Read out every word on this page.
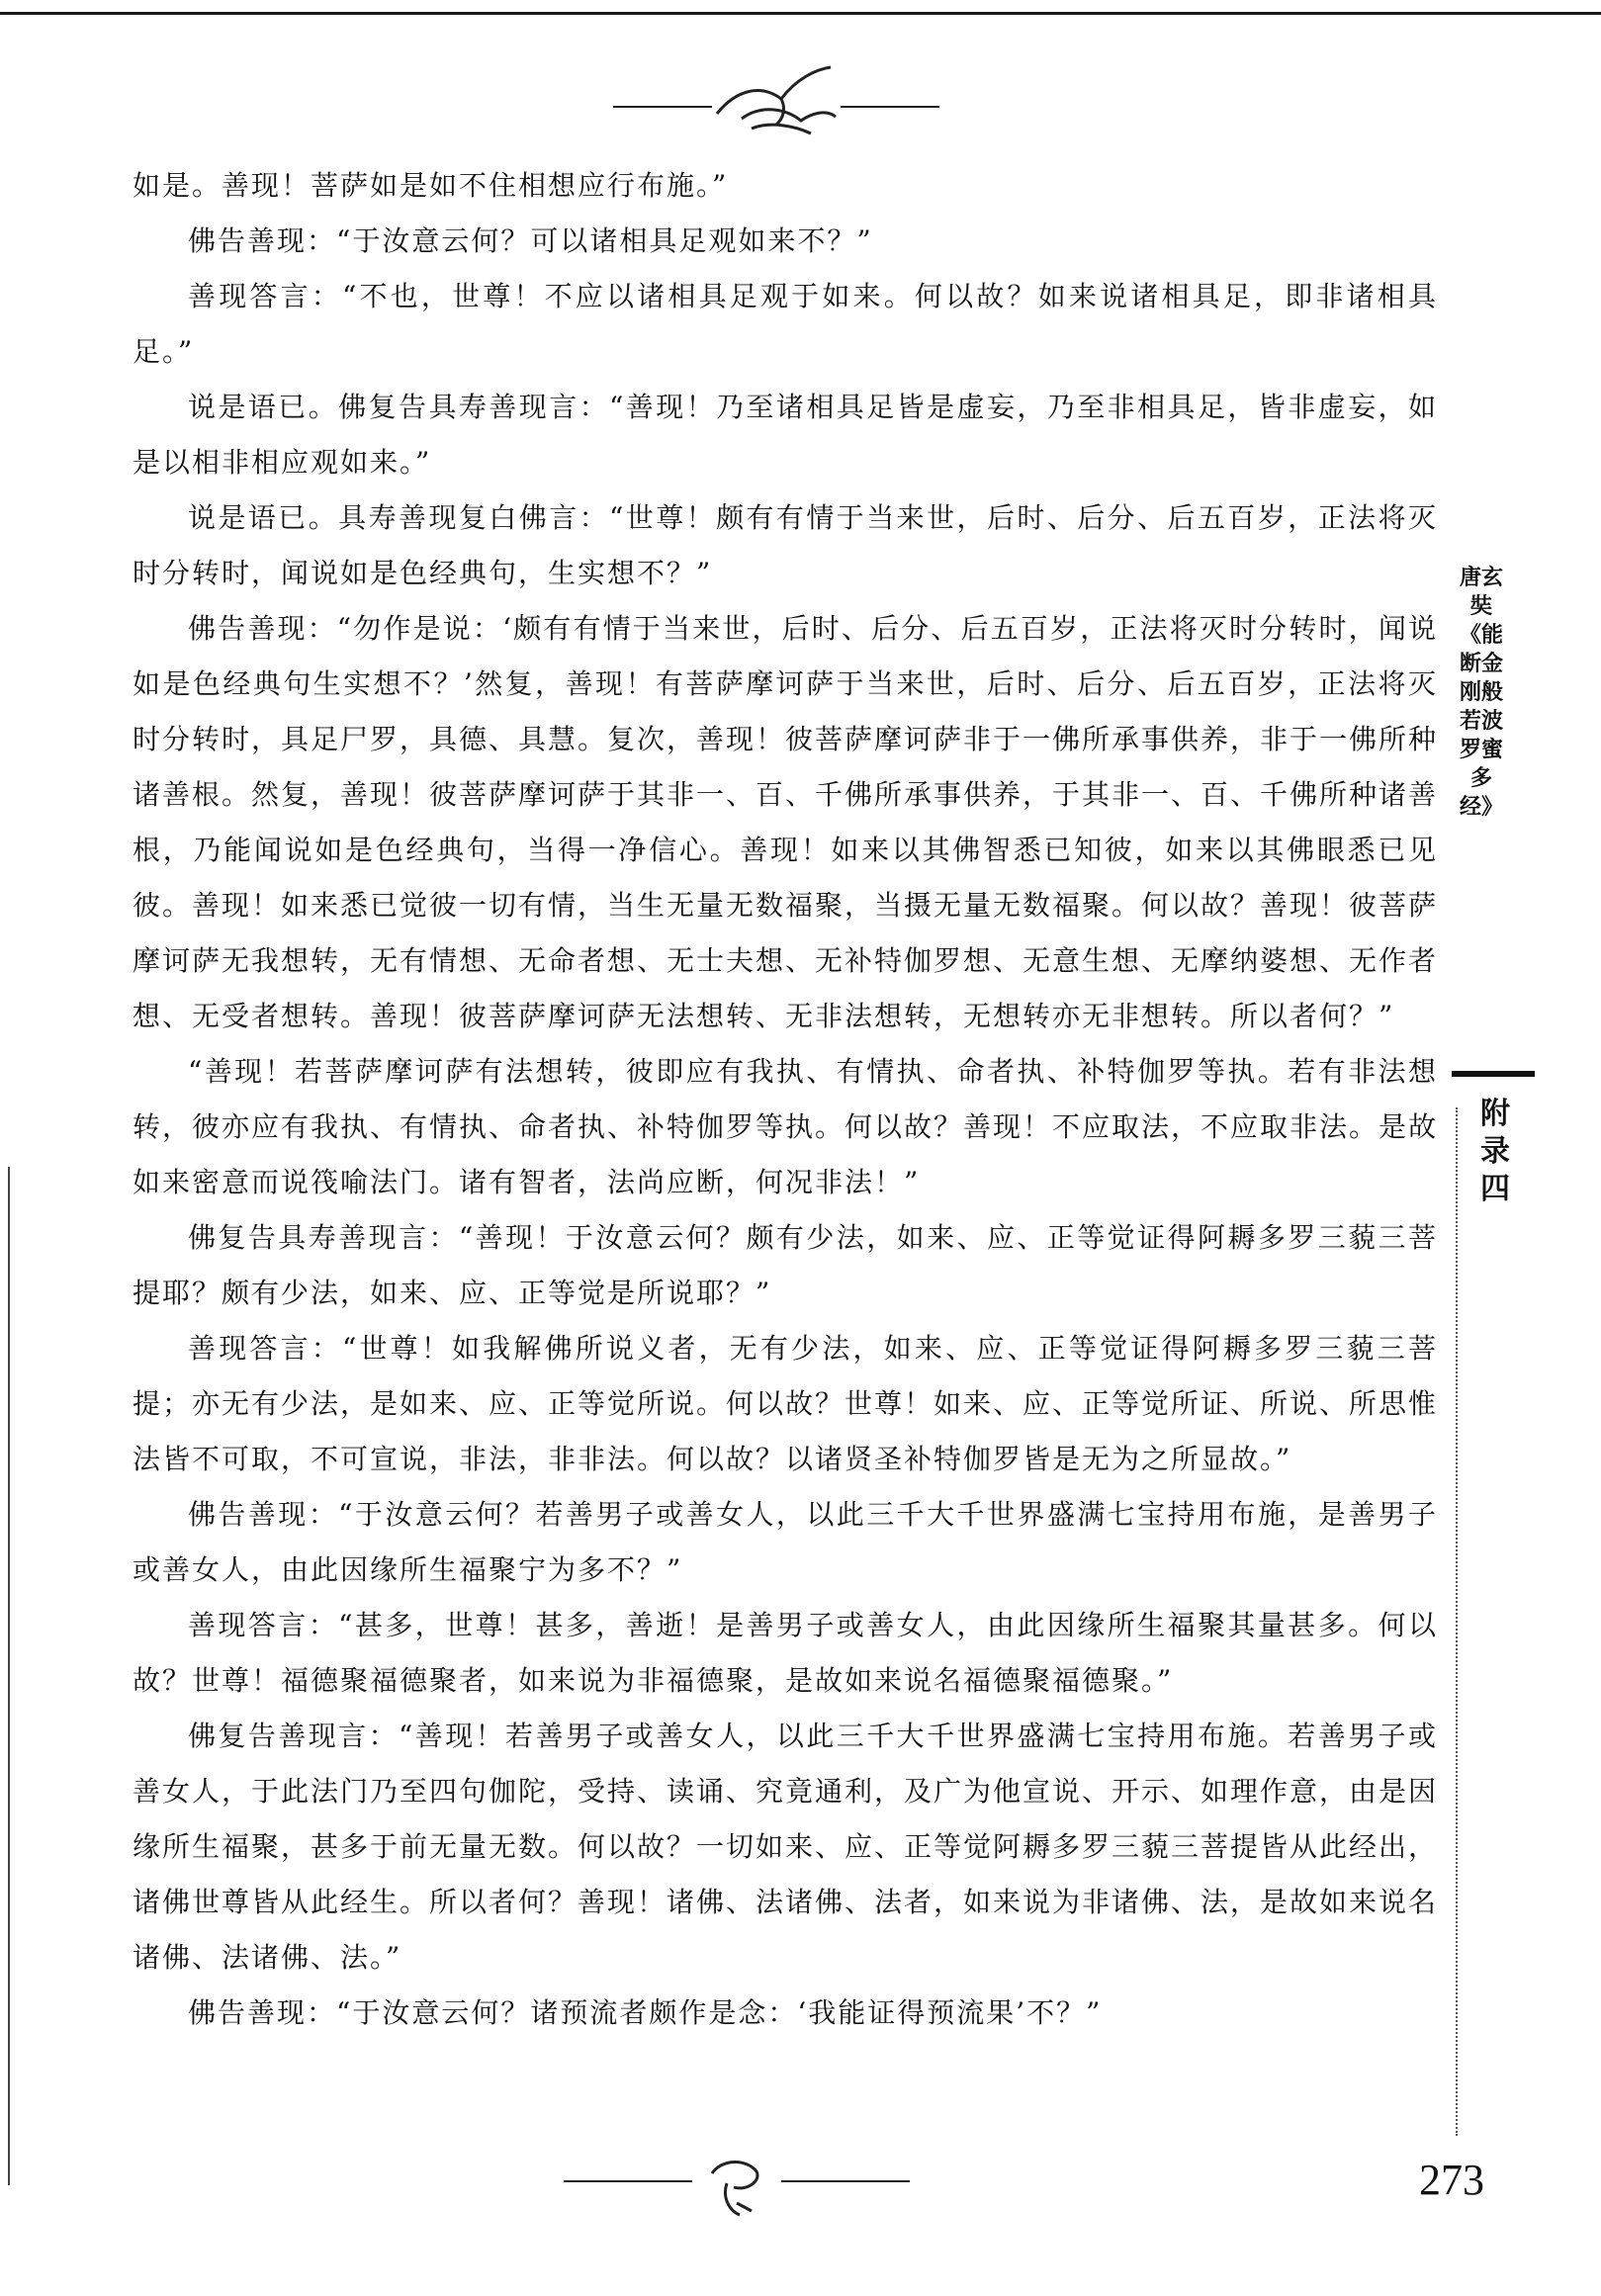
如是。善现！菩萨如是如不住相想应行布施。”

佛告善现：“于汝意云何？可以诸相具足观如来不？”

善现答言：“不也，世尊！不应以诸相具足观于如来。何以故？如来说诸相具足，即非诸相具足。”

说是语已。佛复告具寿善现言：“善现！乃至诸相具足皆是虚妄，乃至非相具足，皆非虚妄，如是以相非相应观如来。”

说是语已。具寿善现复白佛言：“世尊！颇有有情于当来世，后时、后分、后五百岁，正法将灭时分转时，闻说如是色经典句，生实想不？”

佛告善现：“勿作是说：‘颇有有情于当来世，后时、后分、后五百岁，正法将灭时分转时，闻说如是色经典句生实想不？’然复，善现！有菩萨摩诃萨于当来世，后时、后分、后五百岁，正法将灭时分转时，具足尸罗，具德、具慧。复次，善现！彼菩萨摩诃萨非于一佛所承事供养，非于一佛所种诸善根。然复，善现！彼菩萨摩诃萨于其非一、百、千佛所承事供养，于其非一、百、千佛所种诸善根，乃能闻说如是色经典句，当得一净信心。善现！如来以其佛智悉已知彼，如来以其佛眼悉已见彼。善现！如来悉已觉彼一切有情，当生无量无数福聚，当摄无量无数福聚。何以故？善现！彼菩萨摩诃萨无我想转，无有情想、无命者想、无士夫想、无补特伽罗想、无意生想、无摩纳婆想、无作者想、无受者想转。善现！彼菩萨摩诃萨无法想转、无非法想转，无想转亦无非想转。所以者何？”

“善现！若菩萨摩诃萨有法想转，彼即应有我执、有情执、命者执、补特伽罗等执。若有非法想转，彼亦应有我执、有情执、命者执、补特伽罗等执。何以故？善现！不应取法，不应取非法。是故如来密意而说筏喻法门。诸有智者，法尚应断，何况非法！”

佛复告具寿善现言：“善现！于汝意云何？颇有少法，如来、应、正等觉证得阿耨多罗三藐三菩提耶？颇有少法，如来、应、正等觉是所说耶？”

善现答言：“世尊！如我解佛所说义者，无有少法，如来、应、正等觉证得阿耨多罗三藐三菩提；亦无有少法，是如来、应、正等觉所说。何以故？世尊！如来、应、正等觉所证、所说、所思惟法皆不可取，不可宣说，非法，非非法。何以故？以诸贤圣补特伽罗皆是无为之所显故。”

佛告善现：“于汝意云何？若善男子或善女人，以此三千大千世界盛满七宝持用布施，是善男子或善女人，由此因缘所生福聚宁为多不？”

善现答言：“甚多，世尊！甚多，善逝！是善男子或善女人，由此因缘所生福聚其量甚多。何以故？世尊！福德聚福德聚者，如来说为非福德聚，是故如来说名福德聚福德聚。”

佛复告善现言：“善现！若善男子或善女人，以此三千大千世界盛满七宝持用布施。若善男子或善女人，于此法门乃至四句伽陀，受持、读诵、究竟通利，及广为他宣说、开示、如理作意，由是因缘所生福聚，甚多于前无量无数。何以故？一切如来、应、正等觉阿耨多罗三藐三菩提皆从此经出，诸佛世尊皆从此经生。所以者何？善现！诸佛、法诸佛、法者，如来说为非诸佛、法，是故如来说名诸佛、法诸佛、法。”

佛告善现：“于汝意云何？诸预流者颇作是念：‘我能证得预流果’不？”

唐玄奘《能断金刚般若波罗蜜多经》
附录四
273
